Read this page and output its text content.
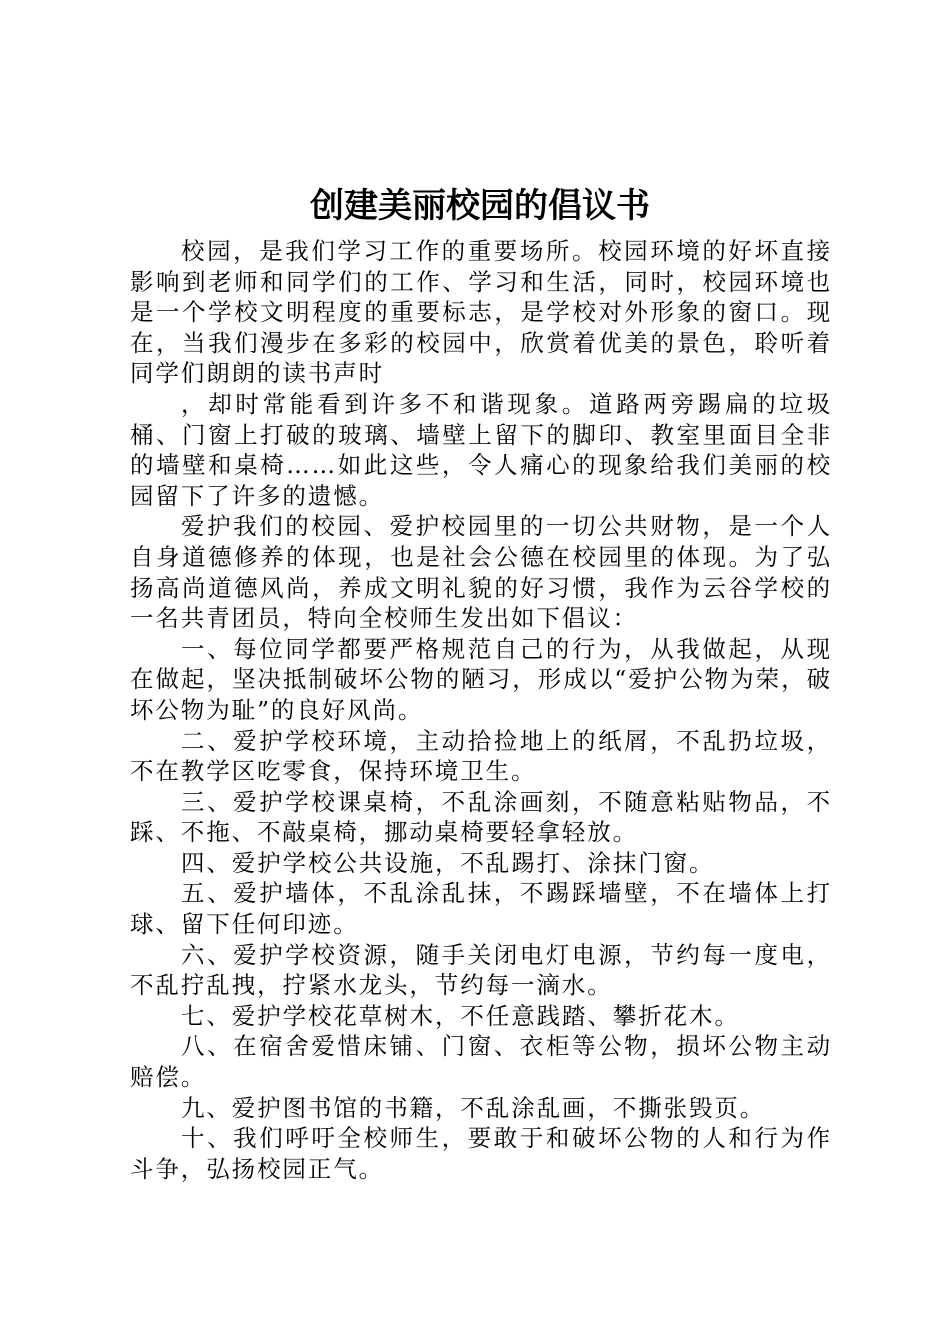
创建美丽校园的倡议书

校园，是我们学习工作的重要场所。校园环境的好坏直接影响到老师和同学们的工作、学习和生活，同时，校园环境也是一个学校文明程度的重要标志，是学校对外形象的窗口。现在，当我们漫步在多彩的校园中，欣赏着优美的景色，聆听着同学们朗朗的读书声时

，却时常能看到许多不和谐现象。道路两旁踢扁的垃圾桶、门窗上打破的玻璃、墙壁上留下的脚印、教室里面目全非的墙壁和桌椅……如此这些，令人痛心的现象给我们美丽的校园留下了许多的遗憾。

爱护我们的校园、爱护校园里的一切公共财物，是一个人自身道德修养的体现，也是社会公德在校园里的体现。为了弘扬高尚道德风尚，养成文明礼貌的好习惯，我作为云谷学校的一名共青团员，特向全校师生发出如下倡议：

一、每位同学都要严格规范自己的行为，从我做起，从现在做起，坚决抵制破坏公物的陋习，形成以“爱护公物为荣，破坏公物为耻”的良好风尚。

二、爱护学校环境，主动拾捡地上的纸屑，不乱扔垃圾，不在教学区吃零食，保持环境卫生。

三、爱护学校课桌椅，不乱涂画刻，不随意粘贴物品，不踩、不拖、不敲桌椅，挪动桌椅要轻拿轻放。

四、爱护学校公共设施，不乱踢打、涂抹门窗。

五、爱护墙体，不乱涂乱抹，不踢踩墙壁，不在墙体上打球、留下任何印迹。

六、爱护学校资源，随手关闭电灯电源，节约每一度电，不乱拧乱拽，拧紧水龙头，节约每一滴水。

七、爱护学校花草树木，不任意践踏、攀折花木。

八、在宿舍爱惜床铺、门窗、衣柜等公物，损坏公物主动赔偿。

九、爱护图书馆的书籍，不乱涂乱画，不撕张毁页。

十、我们呼吁全校师生，要敢于和破坏公物的人和行为作斗争，弘扬校园正气。
